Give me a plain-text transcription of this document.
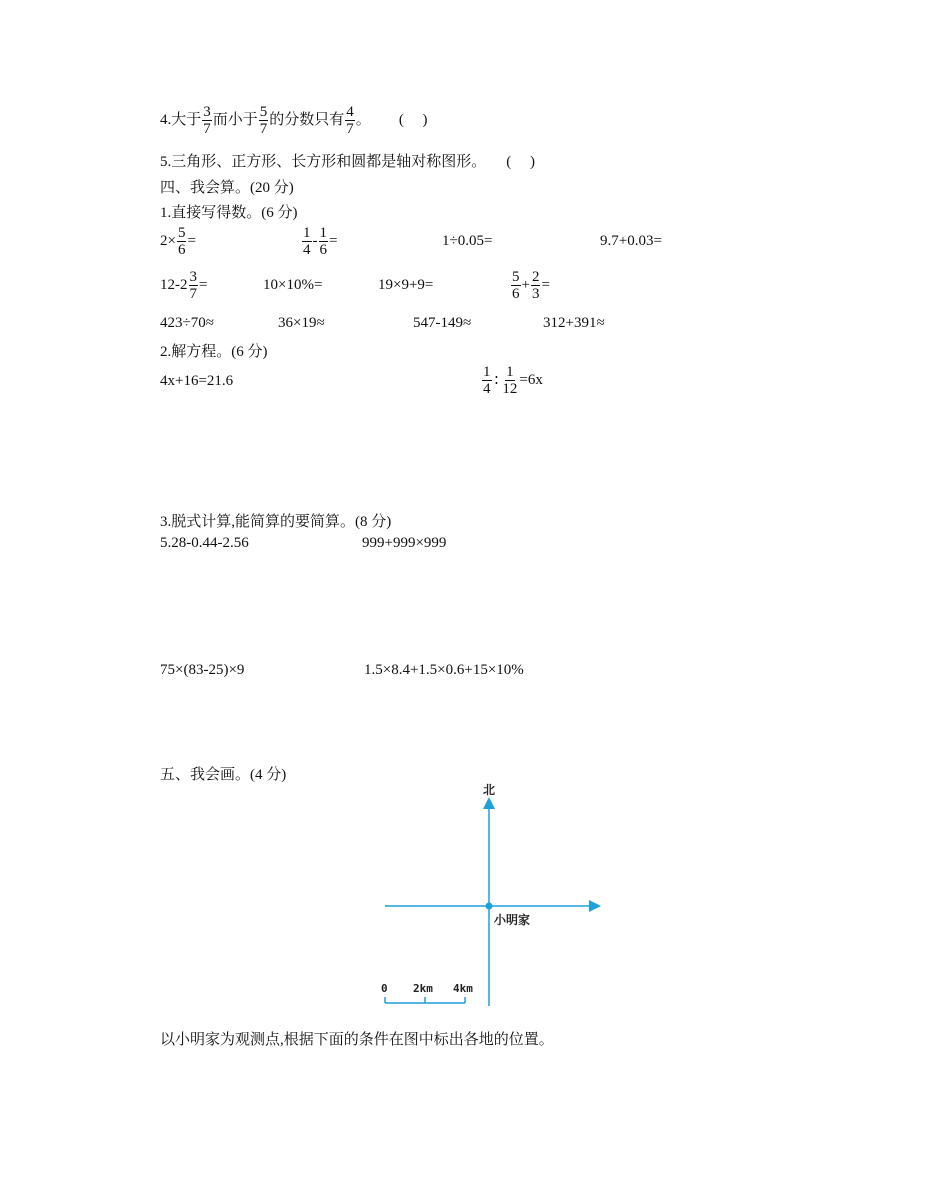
4.大于 $\frac{3}{7}$ 而小于 $\frac{5}{7}$ 的分数只有 $\frac{4}{7}$ 。 (     )
5.三角形、正方形、长方形和圆都是轴对称图形。 (     )
四、我会算。(20 分)
1.直接写得数。(6 分)
$2\times \frac{5}{6}$ =	$\frac{1}{4} - \frac{1}{6}$ =	1÷0.05=	9.7+0.03=
$12-2 \frac{3}{7}$ =	10×10%=	19×9+9=	$\frac{5}{6} + \frac{2}{3}$ =
423÷70≈	36×19≈	547-149≈	312+391≈
2.解方程。(6 分)
4x+16=21.6	$\frac{1}{4}$ ∶ $\frac{1}{12} =6x$
3.脱式计算,能简算的要简算。(8 分)
5.28-0.44-2.56	999+999×999
75×(83-25)×9	1.5×8.4+1.5×0.6+15×10%
五、我会画。(4 分)
北
小明家
0 2km 4km
以小明家为观测点,根据下面的条件在图中标出各地的位置。
